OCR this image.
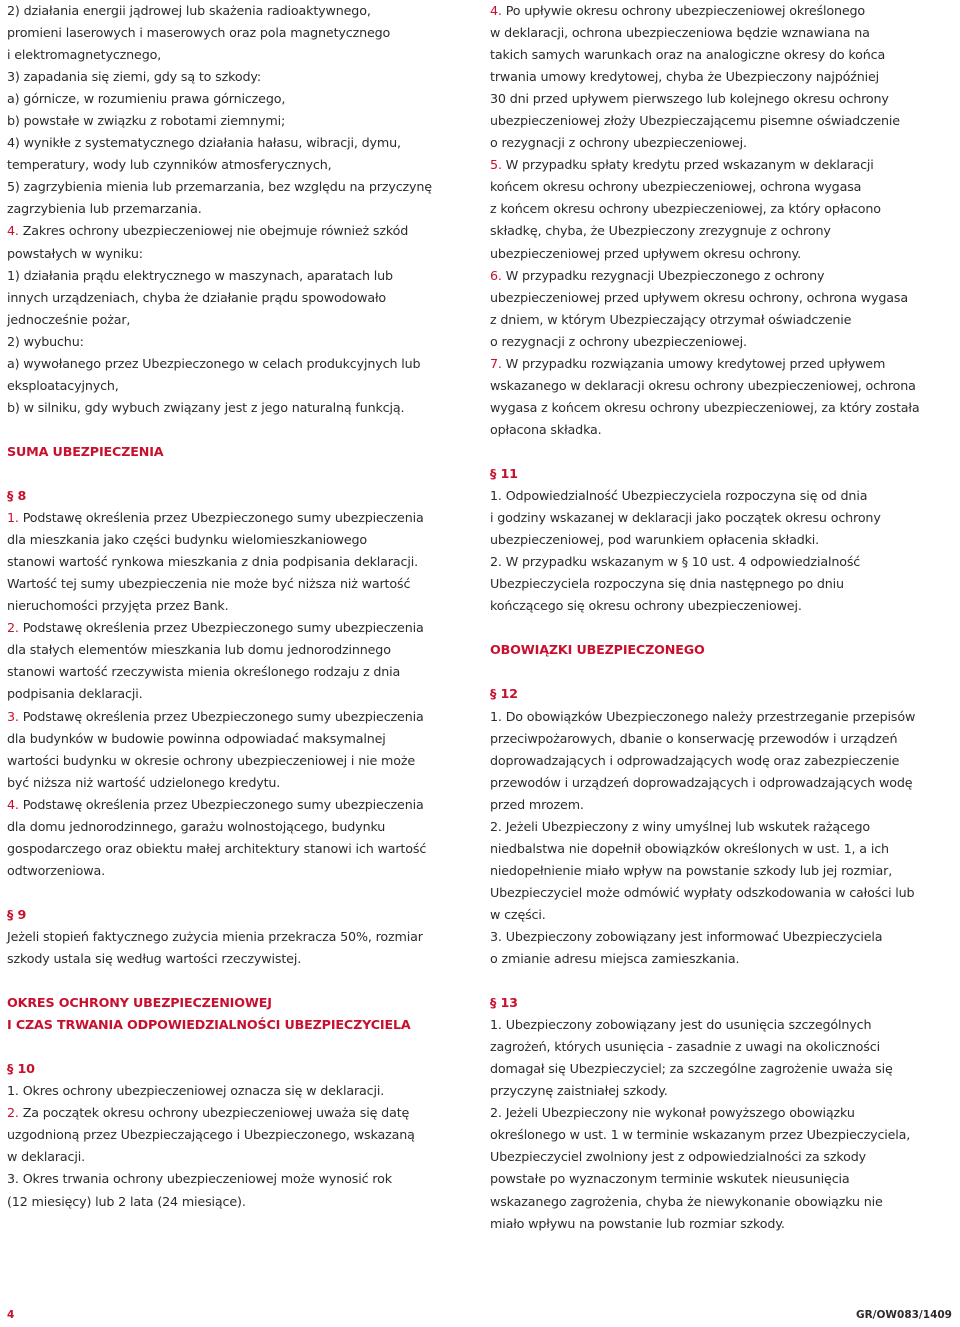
2) działania energii jądrowej lub skażenia radioaktywnego,

promieni laserowych i maserowych oraz pola magnetycznego

i elektromagnetycznego,

3) zapadania się ziemi, gdy są to szkody:

a) górnicze, w rozumieniu prawa górniczego,

b) powstałe w związku z robotami ziemnymi;

4) wynikłe z systematycznego działania hałasu, wibracji, dymu,

temperatury, wody lub czynników atmosferycznych,

5) zagrzybienia mienia lub przemarzania, bez względu na przyczynę

zagrzybienia lub przemarzania.

4. Zakres ochrony ubezpieczeniowej nie obejmuje również szkód

powstałych w wyniku:

1) działania prądu elektrycznego w maszynach, aparatach lub

innych urządzeniach, chyba że działanie prądu spowodowało

jednocześnie pożar,

2) wybuchu:

a) wywołanego przez Ubezpieczonego w celach produkcyjnych lub

eksploatacyjnych,

b) w silniku, gdy wybuch związany jest z jego naturalną funkcją.

SUMA UBEZPIECZENIA

§ 8

1. Podstawę określenia przez Ubezpieczonego sumy ubezpieczenia

dla mieszkania jako części budynku wielomieszkaniowego

stanowi wartość rynkowa mieszkania z dnia podpisania deklaracji.

Wartość tej sumy ubezpieczenia nie może być niższa niż wartość

nieruchomości przyjęta przez Bank.

2. Podstawę określenia przez Ubezpieczonego sumy ubezpieczenia

dla stałych elementów mieszkania lub domu jednorodzinnego

stanowi wartość rzeczywista mienia określonego rodzaju z dnia

podpisania deklaracji.

3. Podstawę określenia przez Ubezpieczonego sumy ubezpieczenia

dla budynków w budowie powinna odpowiadać maksymalnej

wartości budynku w okresie ochrony ubezpieczeniowej i nie może

być niższa niż wartość udzielonego kredytu.

4. Podstawę określenia przez Ubezpieczonego sumy ubezpieczenia

dla domu jednorodzinnego, garażu wolnostojącego, budynku

gospodarczego oraz obiektu małej architektury stanowi ich wartość

odtworzeniowa.

§ 9

Jeżeli stopień faktycznego zużycia mienia przekracza 50%, rozmiar

szkody ustala się według wartości rzeczywistej.

OKRES OCHRONY UBEZPIECZENIOWEJ

I CZAS TRWANIA ODPOWIEDZIALNOŚCI UBEZPIECZYCIELA

§ 10

1. Okres ochrony ubezpieczeniowej oznacza się w deklaracji.

2. Za początek okresu ochrony ubezpieczeniowej uważa się datę

uzgodnioną przez Ubezpieczającego i Ubezpieczonego, wskazaną

w deklaracji.

3. Okres trwania ochrony ubezpieczeniowej może wynosić rok

(12 miesięcy) lub 2 lata (24 miesiące).

4. Po upływie okresu ochrony ubezpieczeniowej określonego

w deklaracji, ochrona ubezpieczeniowa będzie wznawiana na

takich samych warunkach oraz na analogiczne okresy do końca

trwania umowy kredytowej, chyba że Ubezpieczony najpóźniej

30 dni przed upływem pierwszego lub kolejnego okresu ochrony

ubezpieczeniowej złoży Ubezpieczającemu pisemne oświadczenie

o rezygnacji z ochrony ubezpieczeniowej.

5. W przypadku spłaty kredytu przed wskazanym w deklaracji

końcem okresu ochrony ubezpieczeniowej, ochrona wygasa

z końcem okresu ochrony ubezpieczeniowej, za który opłacono

składkę, chyba, że Ubezpieczony zrezygnuje z ochrony

ubezpieczeniowej przed upływem okresu ochrony.

6. W przypadku rezygnacji Ubezpieczonego z ochrony

ubezpieczeniowej przed upływem okresu ochrony, ochrona wygasa

z dniem, w którym Ubezpieczający otrzymał oświadczenie

o rezygnacji z ochrony ubezpieczeniowej.

7. W przypadku rozwiązania umowy kredytowej przed upływem

wskazanego w deklaracji okresu ochrony ubezpieczeniowej, ochrona

wygasa z końcem okresu ochrony ubezpieczeniowej, za który została

opłacona składka.

§ 11

1. Odpowiedzialność Ubezpieczyciela rozpoczyna się od dnia

i godziny wskazanej w deklaracji jako początek okresu ochrony

ubezpieczeniowej, pod warunkiem opłacenia składki.

2. W przypadku wskazanym w § 10 ust. 4 odpowiedzialność

Ubezpieczyciela rozpoczyna się dnia następnego po dniu

kończącego się okresu ochrony ubezpieczeniowej.

OBOWIĄZKI UBEZPIECZONEGO

§ 12

1. Do obowiązków Ubezpieczonego należy przestrzeganie przepisów

przeciwpożarowych, dbanie o konserwację przewodów i urządzeń

doprowadzających i odprowadzających wodę oraz zabezpieczenie

przewodów i urządzeń doprowadzających i odprowadzających wodę

przed mrozem.

2. Jeżeli Ubezpieczony z winy umyślnej lub wskutek rażącego

niedbalstwa nie dopełnił obowiązków określonych w ust. 1, a ich

niedopełnienie miało wpływ na powstanie szkody lub jej rozmiar,

Ubezpieczyciel może odmówić wypłaty odszkodowania w całości lub

w części.

3. Ubezpieczony zobowiązany jest informować Ubezpieczyciela

o zmianie adresu miejsca zamieszkania.

§ 13

1. Ubezpieczony zobowiązany jest do usunięcia szczególnych

zagrożeń, których usunięcia - zasadnie z uwagi na okoliczności

domagał się Ubezpieczyciel; za szczególne zagrożenie uważa się

przyczynę zaistniałej szkody.

2. Jeżeli Ubezpieczony nie wykonał powyższego obowiązku

określonego w ust. 1 w terminie wskazanym przez Ubezpieczyciela,

Ubezpieczyciel zwolniony jest z odpowiedzialności za szkody

powstałe po wyznaczonym terminie wskutek nieusunięcia

wskazanego zagrożenia, chyba że niewykonanie obowiązku nie

miało wpływu na powstanie lub rozmiar szkody.

4	GR/OW083/1409
